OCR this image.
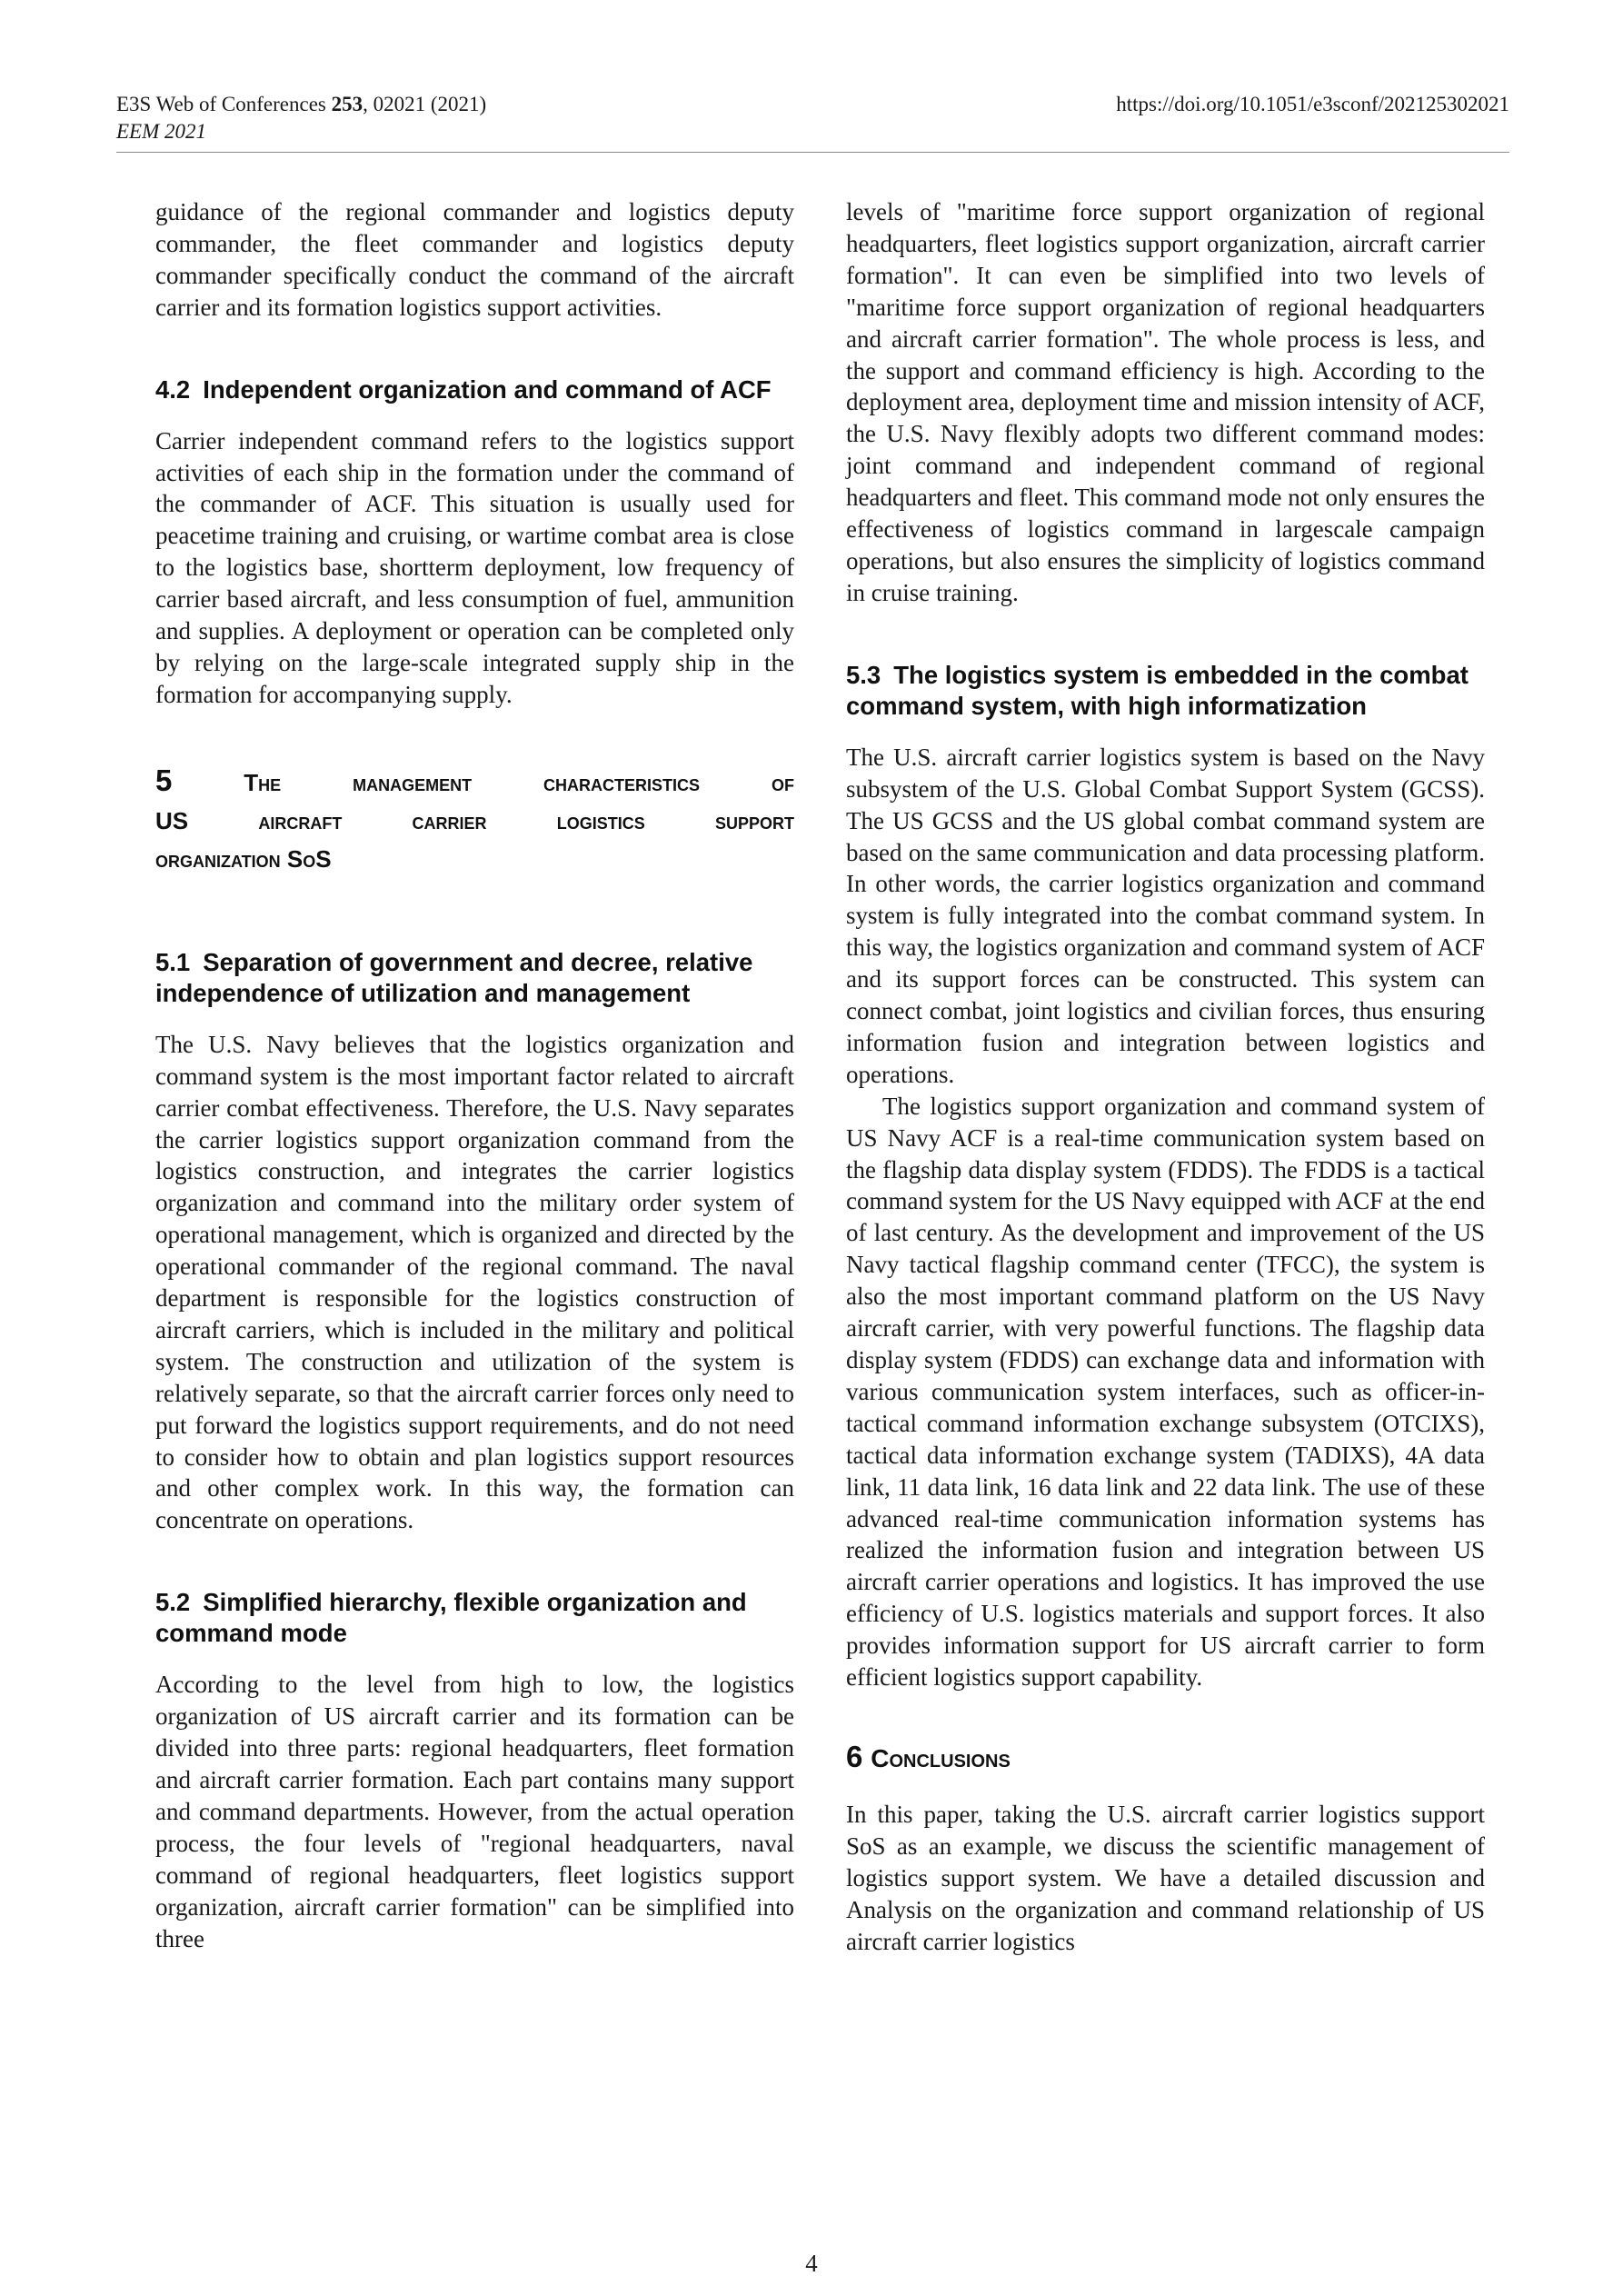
E3S Web of Conferences 253, 02021 (2021)
EEM 2021
https://doi.org/10.1051/e3sconf/202125302021

guidance of the regional commander and logistics deputy commander, the fleet commander and logistics deputy commander specifically conduct the command of the aircraft carrier and its formation logistics support activities.

4.2 Independent organization and command of ACF

Carrier independent command refers to the logistics support activities of each ship in the formation under the command of the commander of ACF. This situation is usually used for peacetime training and cruising, or wartime combat area is close to the logistics base, shortterm deployment, low frequency of carrier based aircraft, and less consumption of fuel, ammunition and supplies. A deployment or operation can be completed only by relying on the large-scale integrated supply ship in the formation for accompanying supply.

5	The management characteristics of
US aircraft carrier logistics support
organization SoS
5.1 Separation of government and decree, relative independence of utilization and management

The U.S. Navy believes that the logistics organization and command system is the most important factor related to aircraft carrier combat effectiveness. Therefore, the U.S. Navy separates the carrier logistics support organization command from the logistics construction, and integrates the carrier logistics organization and command into the military order system of operational management, which is organized and directed by the operational commander of the regional command. The naval department is responsible for the logistics construction of aircraft carriers, which is included in the military and political system. The construction and utilization of the system is relatively separate, so that the aircraft carrier forces only need to put forward the logistics support requirements, and do not need to consider how to obtain and plan logistics support resources and other complex work. In this way, the formation can concentrate on operations.

5.2 Simplified hierarchy, flexible organization and command mode

According to the level from high to low, the logistics organization of US aircraft carrier and its formation can be divided into three parts: regional headquarters, fleet formation and aircraft carrier formation. Each part contains many support and command departments. However, from the actual operation process, the four levels of "regional headquarters, naval command of regional headquarters, fleet logistics support organization, aircraft carrier formation" can be simplified into three

levels of "maritime force support organization of regional headquarters, fleet logistics support organization, aircraft carrier formation". It can even be simplified into two levels of "maritime force support organization of regional headquarters and aircraft carrier formation". The whole process is less, and the support and command efficiency is high. According to the deployment area, deployment time and mission intensity of ACF, the U.S. Navy flexibly adopts two different command modes: joint command and independent command of regional headquarters and fleet. This command mode not only ensures the effectiveness of logistics command in largescale campaign operations, but also ensures the simplicity of logistics command in cruise training.

5.3 The logistics system is embedded in the combat command system, with high informatization

The U.S. aircraft carrier logistics system is based on the Navy subsystem of the U.S. Global Combat Support System (GCSS). The US GCSS and the US global combat command system are based on the same communication and data processing platform. In other words, the carrier logistics organization and command system is fully integrated into the combat command system. In this way, the logistics organization and command system of ACF and its support forces can be constructed. This system can connect combat, joint logistics and civilian forces, thus ensuring information fusion and integration between logistics and operations.

The logistics support organization and command system of US Navy ACF is a real-time communication system based on the flagship data display system (FDDS). The FDDS is a tactical command system for the US Navy equipped with ACF at the end of last century. As the development and improvement of the US Navy tactical flagship command center (TFCC), the system is also the most important command platform on the US Navy aircraft carrier, with very powerful functions. The flagship data display system (FDDS) can exchange data and information with various communication system interfaces, such as officer-in-tactical command information exchange subsystem (OTCIXS), tactical data information exchange system (TADIXS), 4A data link, 11 data link, 16 data link and 22 data link. The use of these advanced real-time communication information systems has realized the information fusion and integration between US aircraft carrier operations and logistics. It has improved the use efficiency of U.S. logistics materials and support forces. It also provides information support for US aircraft carrier to form efficient logistics support capability.

6 Conclusions

In this paper, taking the U.S. aircraft carrier logistics support SoS as an example, we discuss the scientific management of logistics support system. We have a detailed discussion and Analysis on the organization and command relationship of US aircraft carrier logistics

4
